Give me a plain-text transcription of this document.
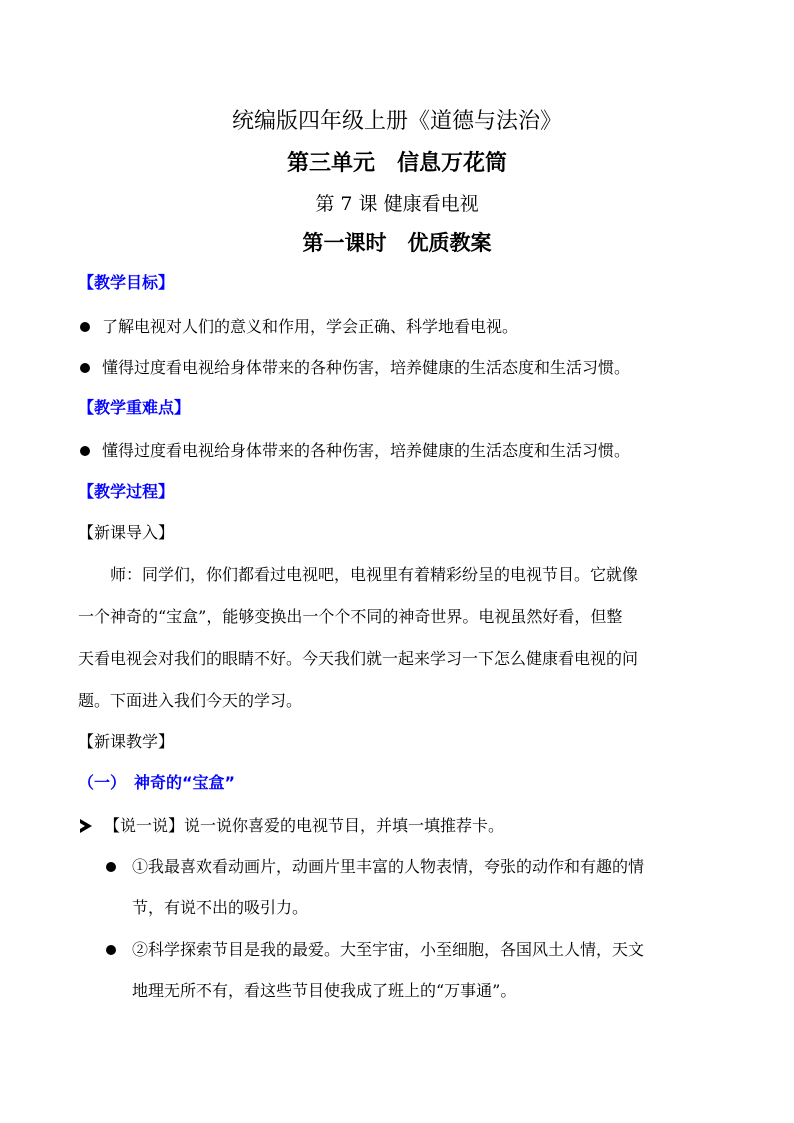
统编版四年级上册《道德与法治》
第三单元　信息万花筒
第 7 课 健康看电视
第一课时　优质教案
【教学目标】
了解电视对人们的意义和作用，学会正确、科学地看电视。
懂得过度看电视给身体带来的各种伤害，培养健康的生活态度和生活习惯。
【教学重难点】
懂得过度看电视给身体带来的各种伤害，培养健康的生活态度和生活习惯。
【教学过程】
【新课导入】
师：同学们，你们都看过电视吧，电视里有着精彩纷呈的电视节目。它就像
一个神奇的“宝盒”，能够变换出一个个不同的神奇世界。电视虽然好看，但整
天看电视会对我们的眼睛不好。今天我们就一起来学习一下怎么健康看电视的问
题。下面进入我们今天的学习。
【新课教学】
（一）　神奇的“宝盒”
【说一说】说一说你喜爱的电视节目，并填一填推荐卡。
①我最喜欢看动画片，动画片里丰富的人物表情，夸张的动作和有趣的情
节，有说不出的吸引力。
②科学探索节目是我的最爱。大至宇宙，小至细胞，各国风土人情，天文
地理无所不有，看这些节目使我成了班上的“万事通”。
